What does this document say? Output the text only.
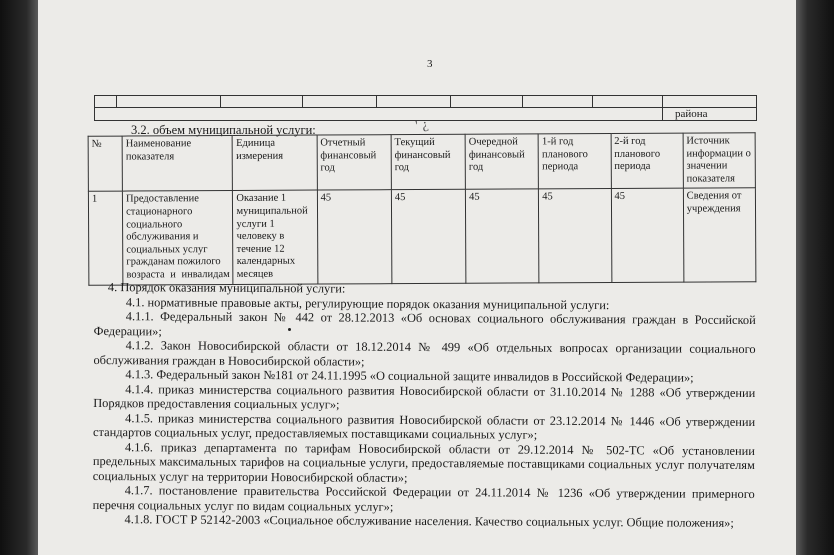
3

								района
3.2. объем муниципальной услуги:	' ¿
№	Наименование показателя	Единица измерения	Отчетный финансовый год	Текущий финансовый год	Очередной финансовый год	1-й год планового периода	2-й год планового периода	Источник информации о значении показателя
1	Предоставление стационарного социального обслуживания и социальных услуг гражданам пожилого возраста и инвалидам	Оказание 1 муниципальной услуги 1 человеку в течение 12 календарных месяцев	45	45	45	45	45	Сведения от учреждения

4. Порядок оказания муниципальной услуги:

4.1. нормативные правовые акты, регулирующие порядок оказания муниципальной услуги:

4.1.1. Федеральный закон № 442 от 28.12.2013 «Об основах социального обслуживания граждан в Российской Федерации»;

4.1.2. Закон Новосибирской области от 18.12.2014 № 499 «Об отдельных вопросах организации социального обслуживания граждан в Новосибирской области»;

4.1.3. Федеральный закон №181 от 24.11.1995 «О социальной защите инвалидов в Российской Федерации»;

4.1.4. приказ министерства социального развития Новосибирской области от 31.10.2014 № 1288 «Об утверждении Порядков предоставления социальных услуг»;

4.1.5. приказ министерства социального развития Новосибирской области от 23.12.2014 № 1446 «Об утверждении стандартов социальных услуг, предоставляемых поставщиками социальных услуг»;

4.1.6. приказ департамента по тарифам Новосибирской области от 29.12.2014 № 502-ТС «Об установлении предельных максимальных тарифов на социальные услуги, предоставляемые поставщиками социальных услуг получателям социальных услуг на территории Новосибирской области»;

4.1.7. постановление правительства Российской Федерации от 24.11.2014 № 1236 «Об утверждении примерного перечня социальных услуг по видам социальных услуг»;

4.1.8. ГОСТ Р 52142-2003 «Социальное обслуживание населения. Качество социальных услуг. Общие положения»;
